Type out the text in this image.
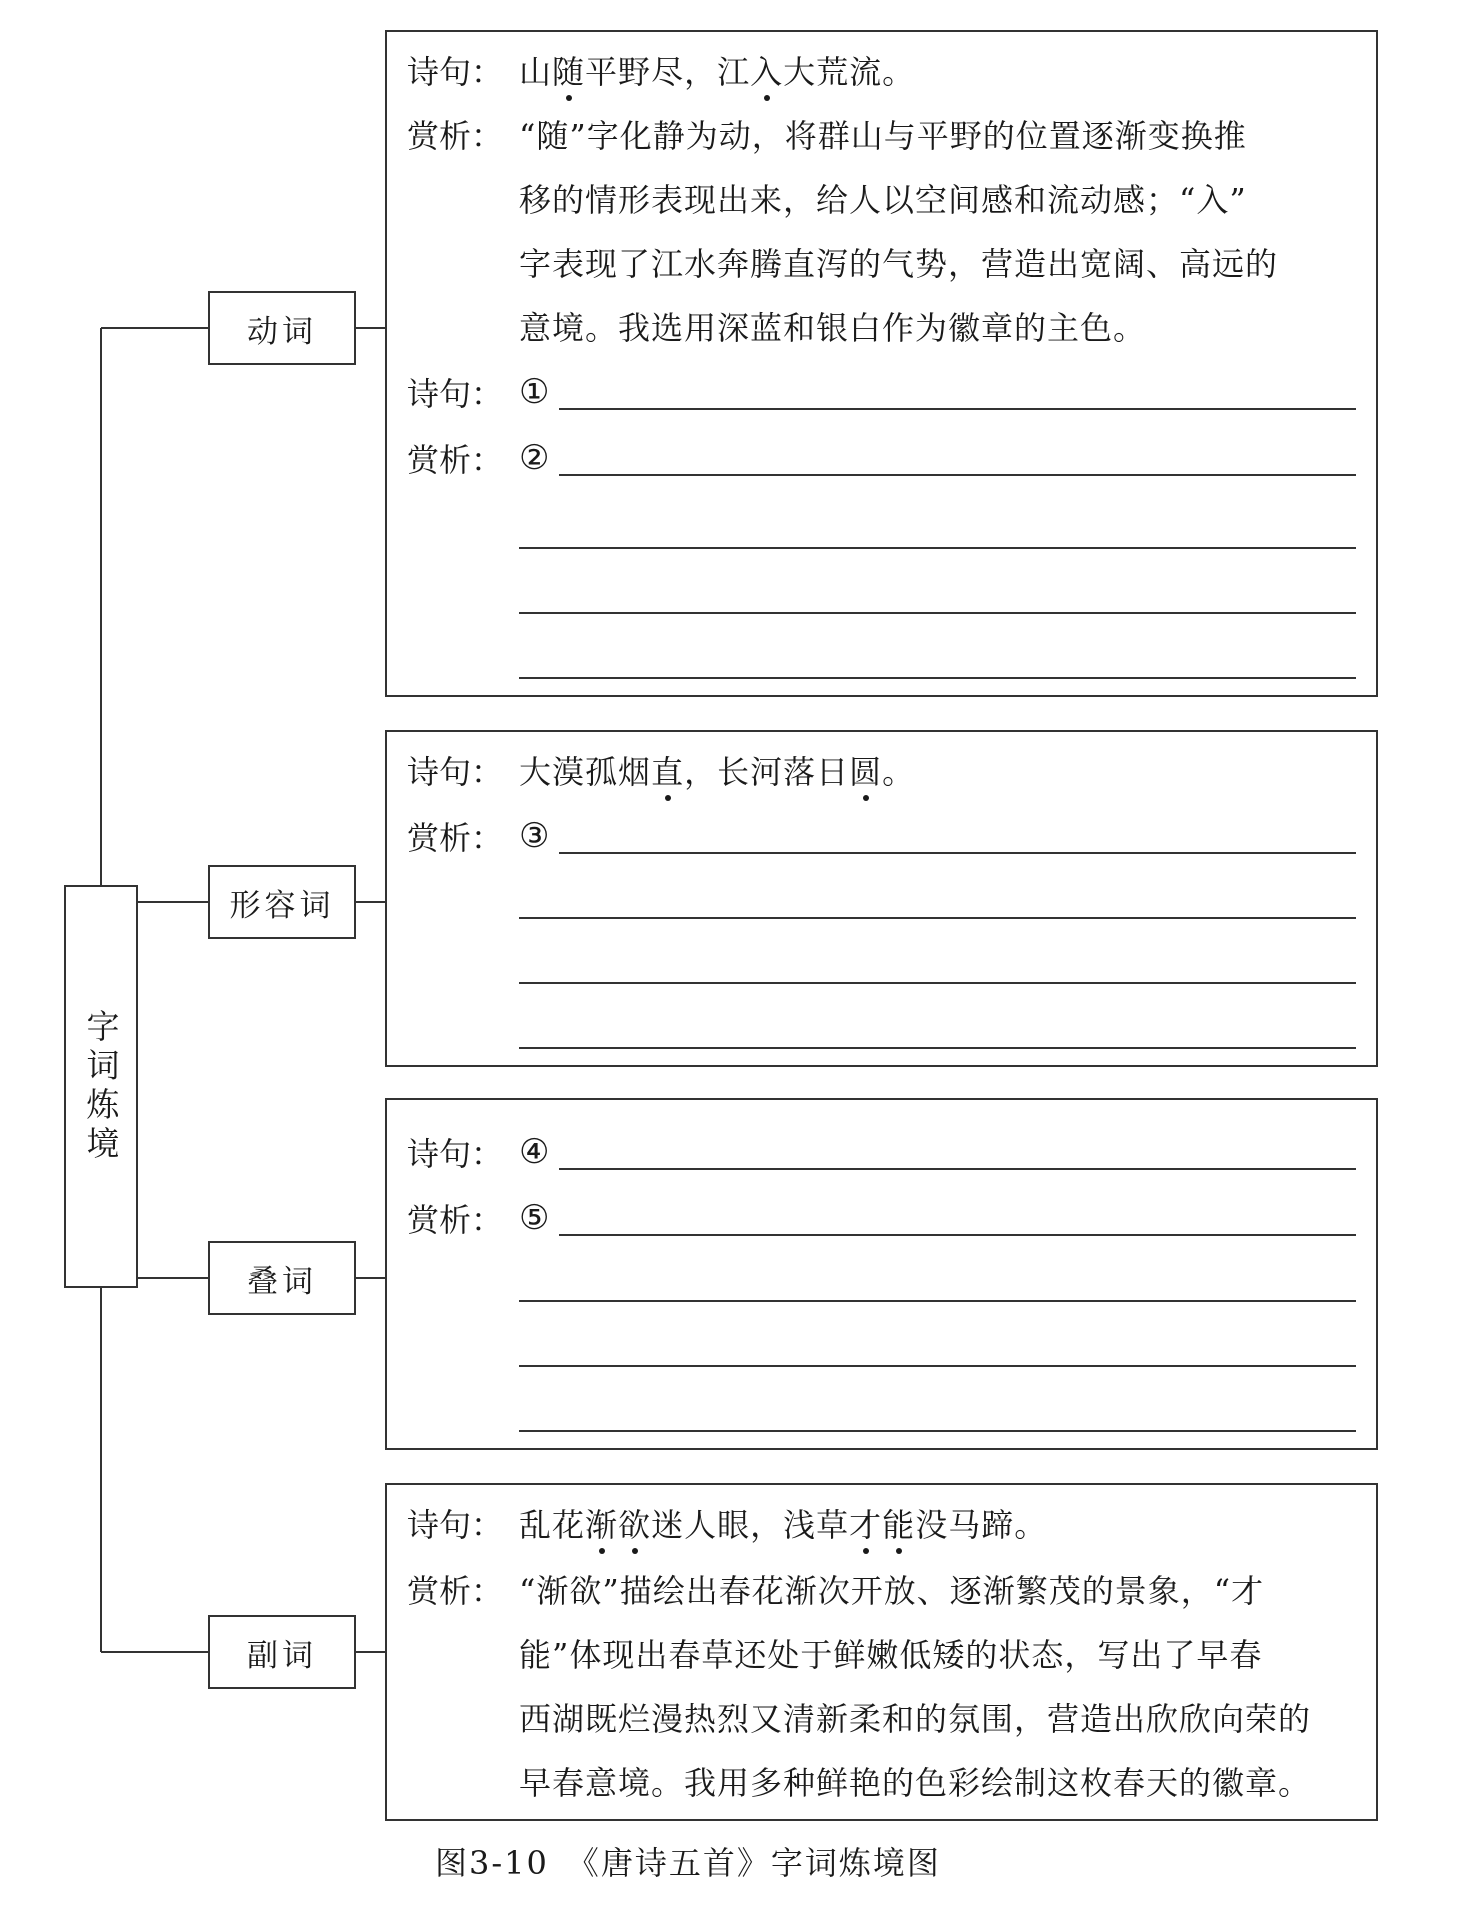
字词炼境
动词
形容词
叠词
副词
诗句： 山随平野尽，江入大荒流。
赏析： “随”字化静为动，将群山与平野的位置逐渐变换推
移的情形表现出来，给人以空间感和流动感；“入”
字表现了江水奔腾直泻的气势，营造出宽阔、高远的
意境。我选用深蓝和银白作为徽章的主色。
诗句： ①
赏析： ②
诗句： 大漠孤烟直，长河落日圆。
赏析： ③
诗句： ④
赏析： ⑤
诗句： 乱花渐欲迷人眼，浅草才能没马蹄。
赏析： “渐欲”描绘出春花渐次开放、逐渐繁茂的景象，“才
能”体现出春草还处于鲜嫩低矮的状态，写出了早春
西湖既烂漫热烈又清新柔和的氛围，营造出欣欣向荣的
早春意境。我用多种鲜艳的色彩绘制这枚春天的徽章。
图3-10　《唐诗五首》字词炼境图
